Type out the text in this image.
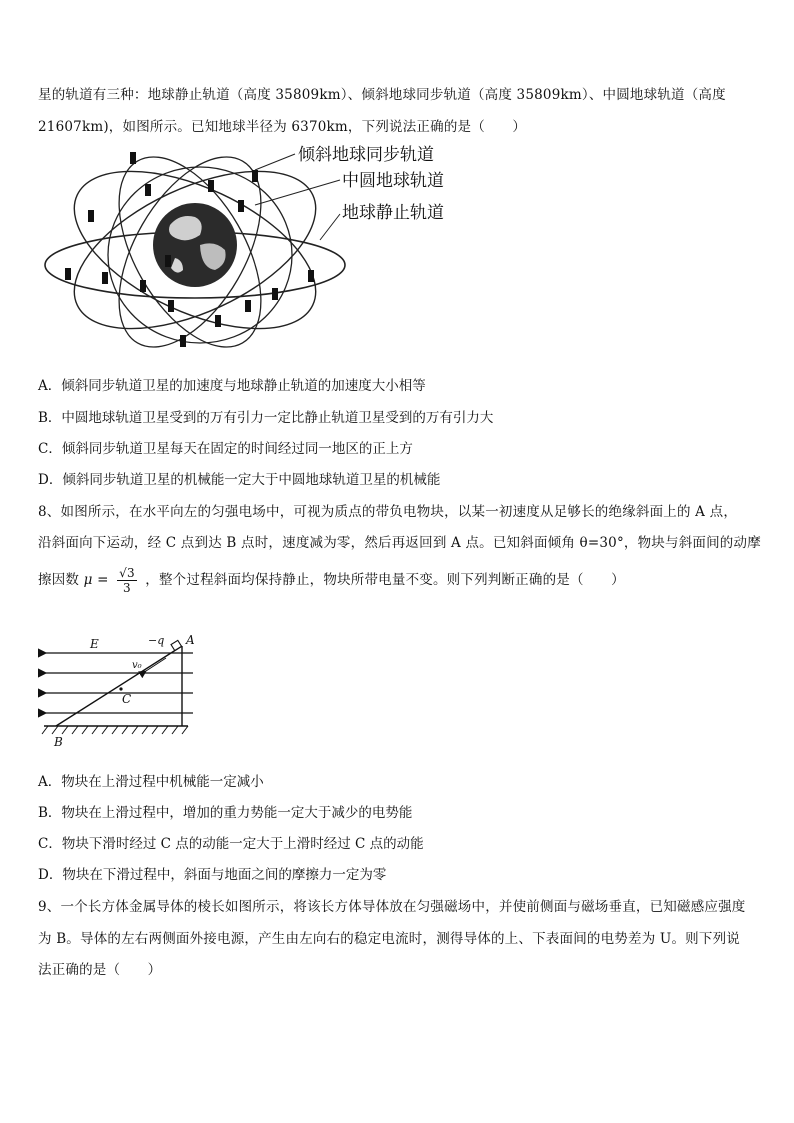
星的轨道有三种：地球静止轨道（高度 35809km）、倾斜地球同步轨道（高度 35809km）、中圆地球轨道（高度
21607km)，如图所示。已知地球半径为 6370km，下列说法正确的是（　　）
倾斜地球同步轨道
中圆地球轨道
地球静止轨道
A．倾斜同步轨道卫星的加速度与地球静止轨道的加速度大小相等
B．中圆地球轨道卫星受到的万有引力一定比静止轨道卫星受到的万有引力大
C．倾斜同步轨道卫星每天在固定的时间经过同一地区的正上方
D．倾斜同步轨道卫星的机械能一定大于中圆地球轨道卫星的机械能
8、如图所示，在水平向左的匀强电场中，可视为质点的带负电物块，以某一初速度从足够长的绝缘斜面上的 A 点，
沿斜面向下运动，经 C 点到达 B 点时，速度减为零，然后再返回到 A 点。已知斜面倾角 θ=30°，物块与斜面间的动摩
擦因数 $\mu = \frac{√3}{3}$ ，整个过程斜面均保持静止，物块所带电量不变。则下列判断正确的是（　　）
E	−q A
v₀
C
B
A．物块在上滑过程中机械能一定减小
B．物块在上滑过程中，增加的重力势能一定大于减少的电势能
C．物块下滑时经过 C 点的动能一定大于上滑时经过 C 点的动能
D．物块在下滑过程中，斜面与地面之间的摩擦力一定为零
9、一个长方体金属导体的棱长如图所示，将该长方体导体放在匀强磁场中，并使前侧面与磁场垂直，已知磁感应强度
为 B。导体的左右两侧面外接电源，产生由左向右的稳定电流时，测得导体的上、下表面间的电势差为 U。则下列说
法正确的是（　　）
